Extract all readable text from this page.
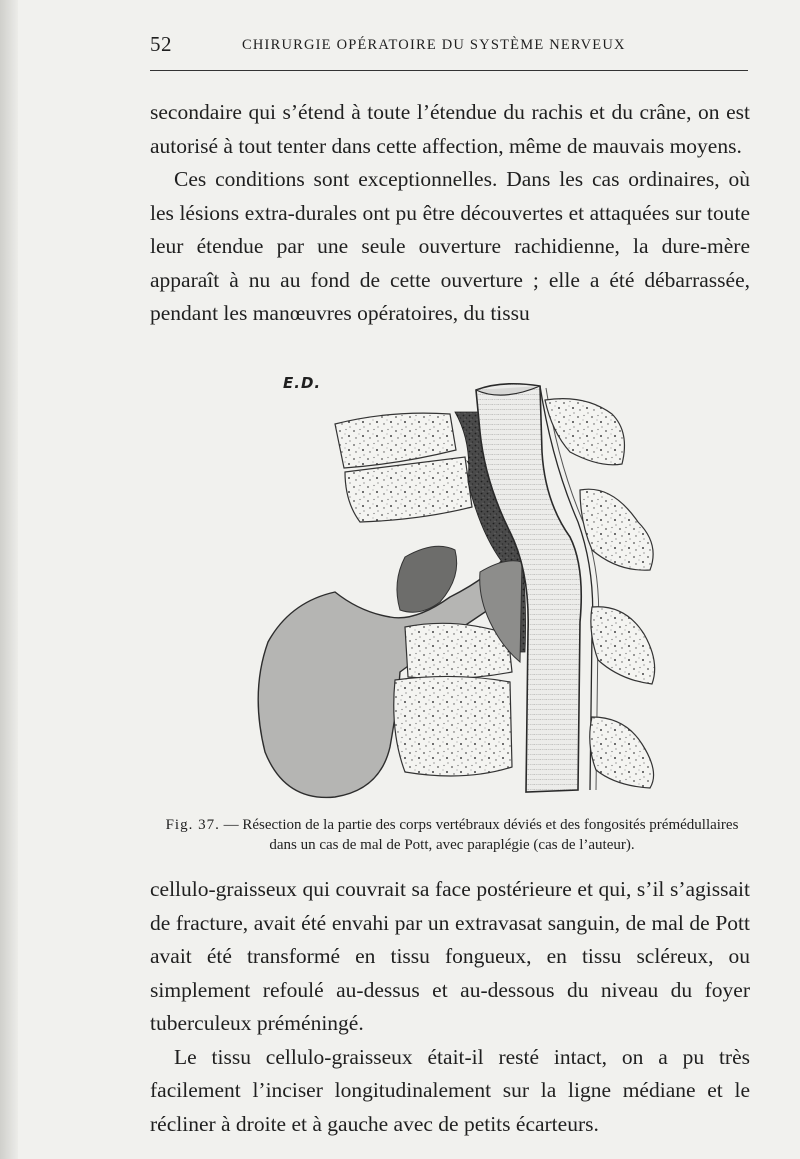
52	CHIRURGIE OPÉRATOIRE DU SYSTÈME NERVEUX

secondaire qui s’étend à toute l’étendue du rachis et du crâne, on est autorisé à tout tenter dans cette affection, même de mauvais moyens.

Ces conditions sont exceptionnelles. Dans les cas ordinaires, où les lésions extra-durales ont pu être découvertes et attaquées sur toute leur étendue par une seule ouverture rachidienne, la dure-mère apparaît à nu au fond de cette ouverture ; elle a été débarrassée, pendant les manœuvres opératoires, du tissu

E.D.
Fig. 37. — Résection de la partie des corps vertébraux déviés et des fongosités prémédullaires dans un cas de mal de Pott, avec paraplégie (cas de l’auteur).

cellulo-graisseux qui couvrait sa face postérieure et qui, s’il s’agissait de fracture, avait été envahi par un extravasat sanguin, de mal de Pott avait été transformé en tissu fongueux, en tissu scléreux, ou simplement refoulé au-dessus et au-dessous du niveau du foyer tuberculeux préméningé.

Le tissu cellulo-graisseux était-il resté intact, on a pu très facilement l’inciser longitudinalement sur la ligne médiane et le récliner à droite et à gauche avec de petits écarteurs.
